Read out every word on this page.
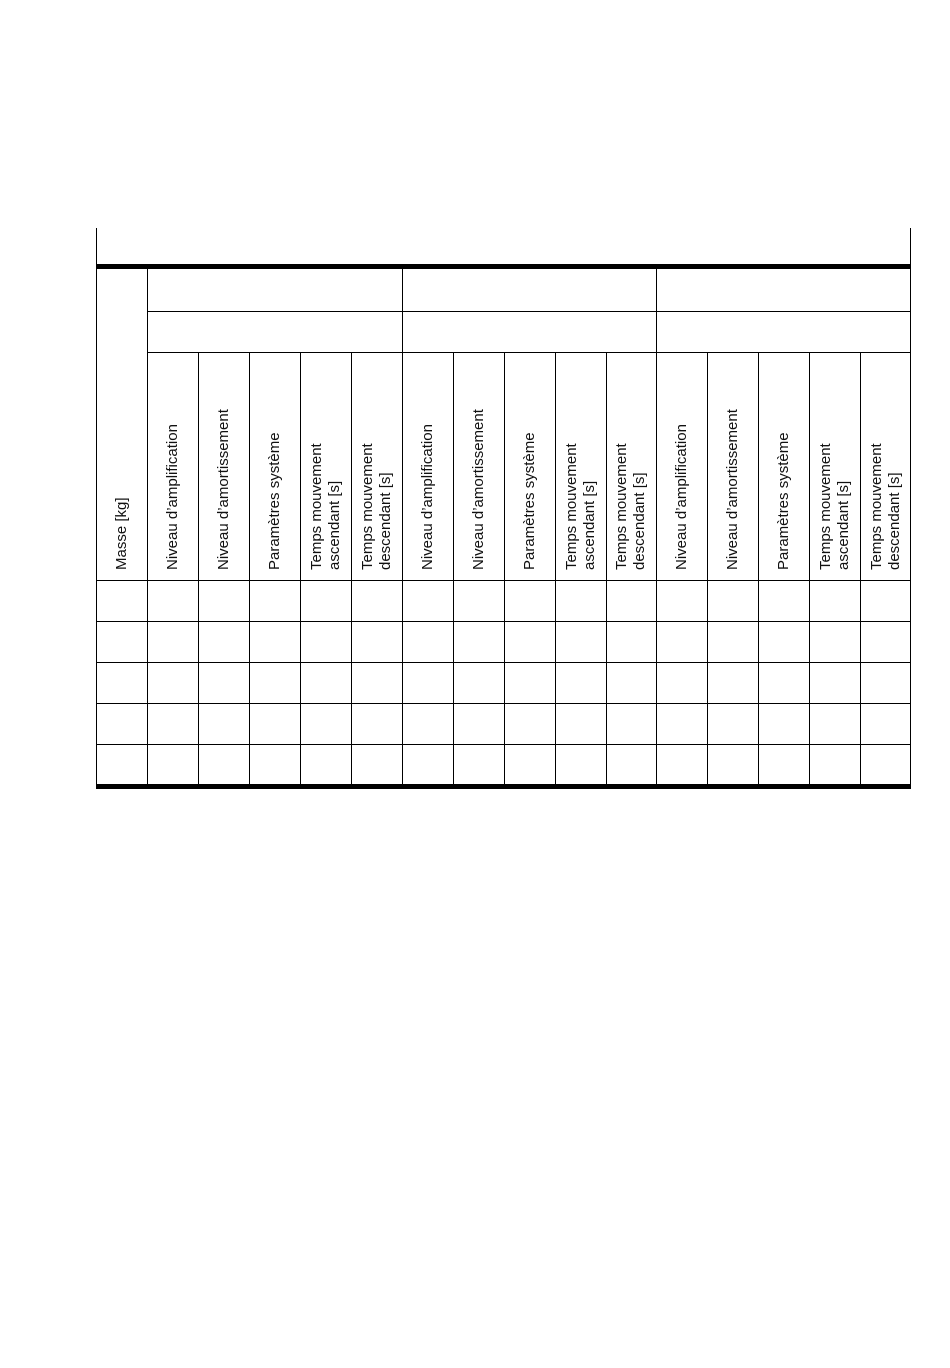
Masse [kg] Niveau d’amplification Niveau d’amortissement Paramètres système Temps mouvement ascendant [s] Temps mouvement descendant [s] Niveau d’amplification Niveau d’amortissement Paramètres système Temps mouvement ascendant [s] Temps mouvement descendant [s] Niveau d’amplification Niveau d’amortissement Paramètres système Temps mouvement ascendant [s] Temps mouvement descendant [s]
